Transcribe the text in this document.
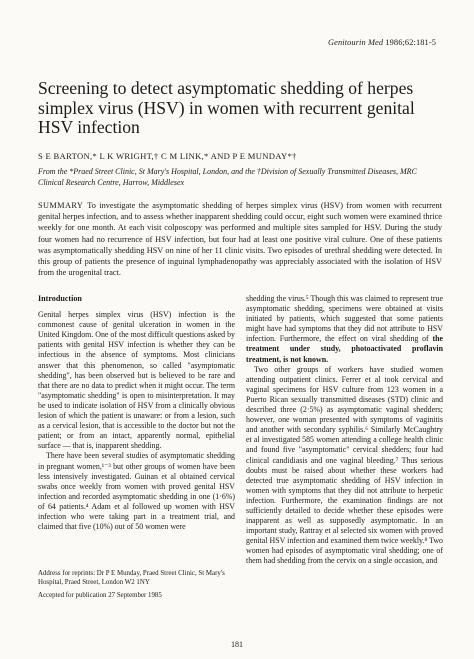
Genitourin Med 1986;62:181-5
Screening to detect asymptomatic shedding of herpes simplex virus (HSV) in women with recurrent genital HSV infection
S E BARTON,* L K WRIGHT,† C M LINK,* AND P E MUNDAY*†
From the *Praed Street Clinic, St Mary's Hospital, London, and the †Division of Sexually Transmitted Diseases, MRC Clinical Research Centre, Harrow, Middlesex
SUMMARY To investigate the asymptomatic shedding of herpes simplex virus (HSV) from women with recurrent genital herpes infection, and to assess whether inapparent shedding could occur, eight such women were examined thrice weekly for one month. At each visit colposcopy was performed and multiple sites sampled for HSV. During the study four women had no recurrence of HSV infection, but four had at least one positive viral culture. One of these patients was asymptomatically shedding HSV on nine of her 11 clinic visits. Two episodes of urethral shedding were detected. In this group of patients the presence of inguinal lymphadenopathy was appreciably associated with the isolation of HSV from the urogenital tract.
Introduction

Genital herpes simplex virus (HSV) infection is the commonest cause of genital ulceration in women in the United Kingdom. One of the most difficult questions asked by patients with genital HSV infection is whether they can be infectious in the absence of symptoms. Most clinicians answer that this phenomenon, so called "asymptomatic shedding", has been observed but is believed to be rare and that there are no data to predict when it might occur. The term "asymptomatic shedding" is open to misinterpretation. It may be used to indicate isolation of HSV from a clinically obvious lesion of which the patient is unaware: or from a lesion, such as a cervical lesion, that is accessible to the doctor but not the patient; or from an intact, apparently normal, epithelial surface — that is, inapparent shedding.

There have been several studies of asymptomatic shedding in pregnant women,¹⁻³ but other groups of women have been less intensively investigated. Guinan et al obtained cervical swabs once weekly from women with proved genital HSV infection and recorded asymptomatic shedding in one (1·6%) of 64 patients.⁴ Adam et al followed up women with HSV infection who were taking part in a treatment trial, and claimed that five (10%) out of 50 women were

shedding the virus.⁵ Though this was claimed to represent true asymptomatic shedding, specimens were obtained at visits initiated by patients, which suggested that some patients might have had symptoms that they did not attribute to HSV infection. Furthermore, the effect on viral shedding of the treatment under study, photoactivated proflavin treatment, is not known.

Two other groups of workers have studied women attending outpatient clinics. Ferrer et al took cervical and vaginal specimens for HSV culture from 123 women in a Puerto Rican sexually transmitted diseases (STD) clinic and described three (2·5%) as asymptomatic vaginal shedders; however, one woman presented with symptoms of vaginitis and another with secondary syphilis.⁶ Similarly McCaughtry et al investigated 585 women attending a college health clinic and found five "asymptomatic" cervical shedders; four had clinical candidiasis and one vaginal bleeding.⁷ Thus serious doubts must be raised about whether these workers had detected true asymptomatic shedding of HSV infection in women with symptoms that they did not attribute to herpetic infection. Furthermore, the examination findings are not sufficiently detailed to decide whether these episodes were inapparent as well as supposedly asymptomatic. In an important study, Rattray et al selected six women with proved genital HSV infection and examined them twice weekly.⁸ Two women had episodes of asymptomatic viral shedding; one of them had shedding from the cervix on a single occasion, and

Address for reprints: Dr P E Munday, Praed Street Clinic, St Mary's Hospital, Praed Street, London W2 1NY

Accepted for publication 27 September 1985

181
